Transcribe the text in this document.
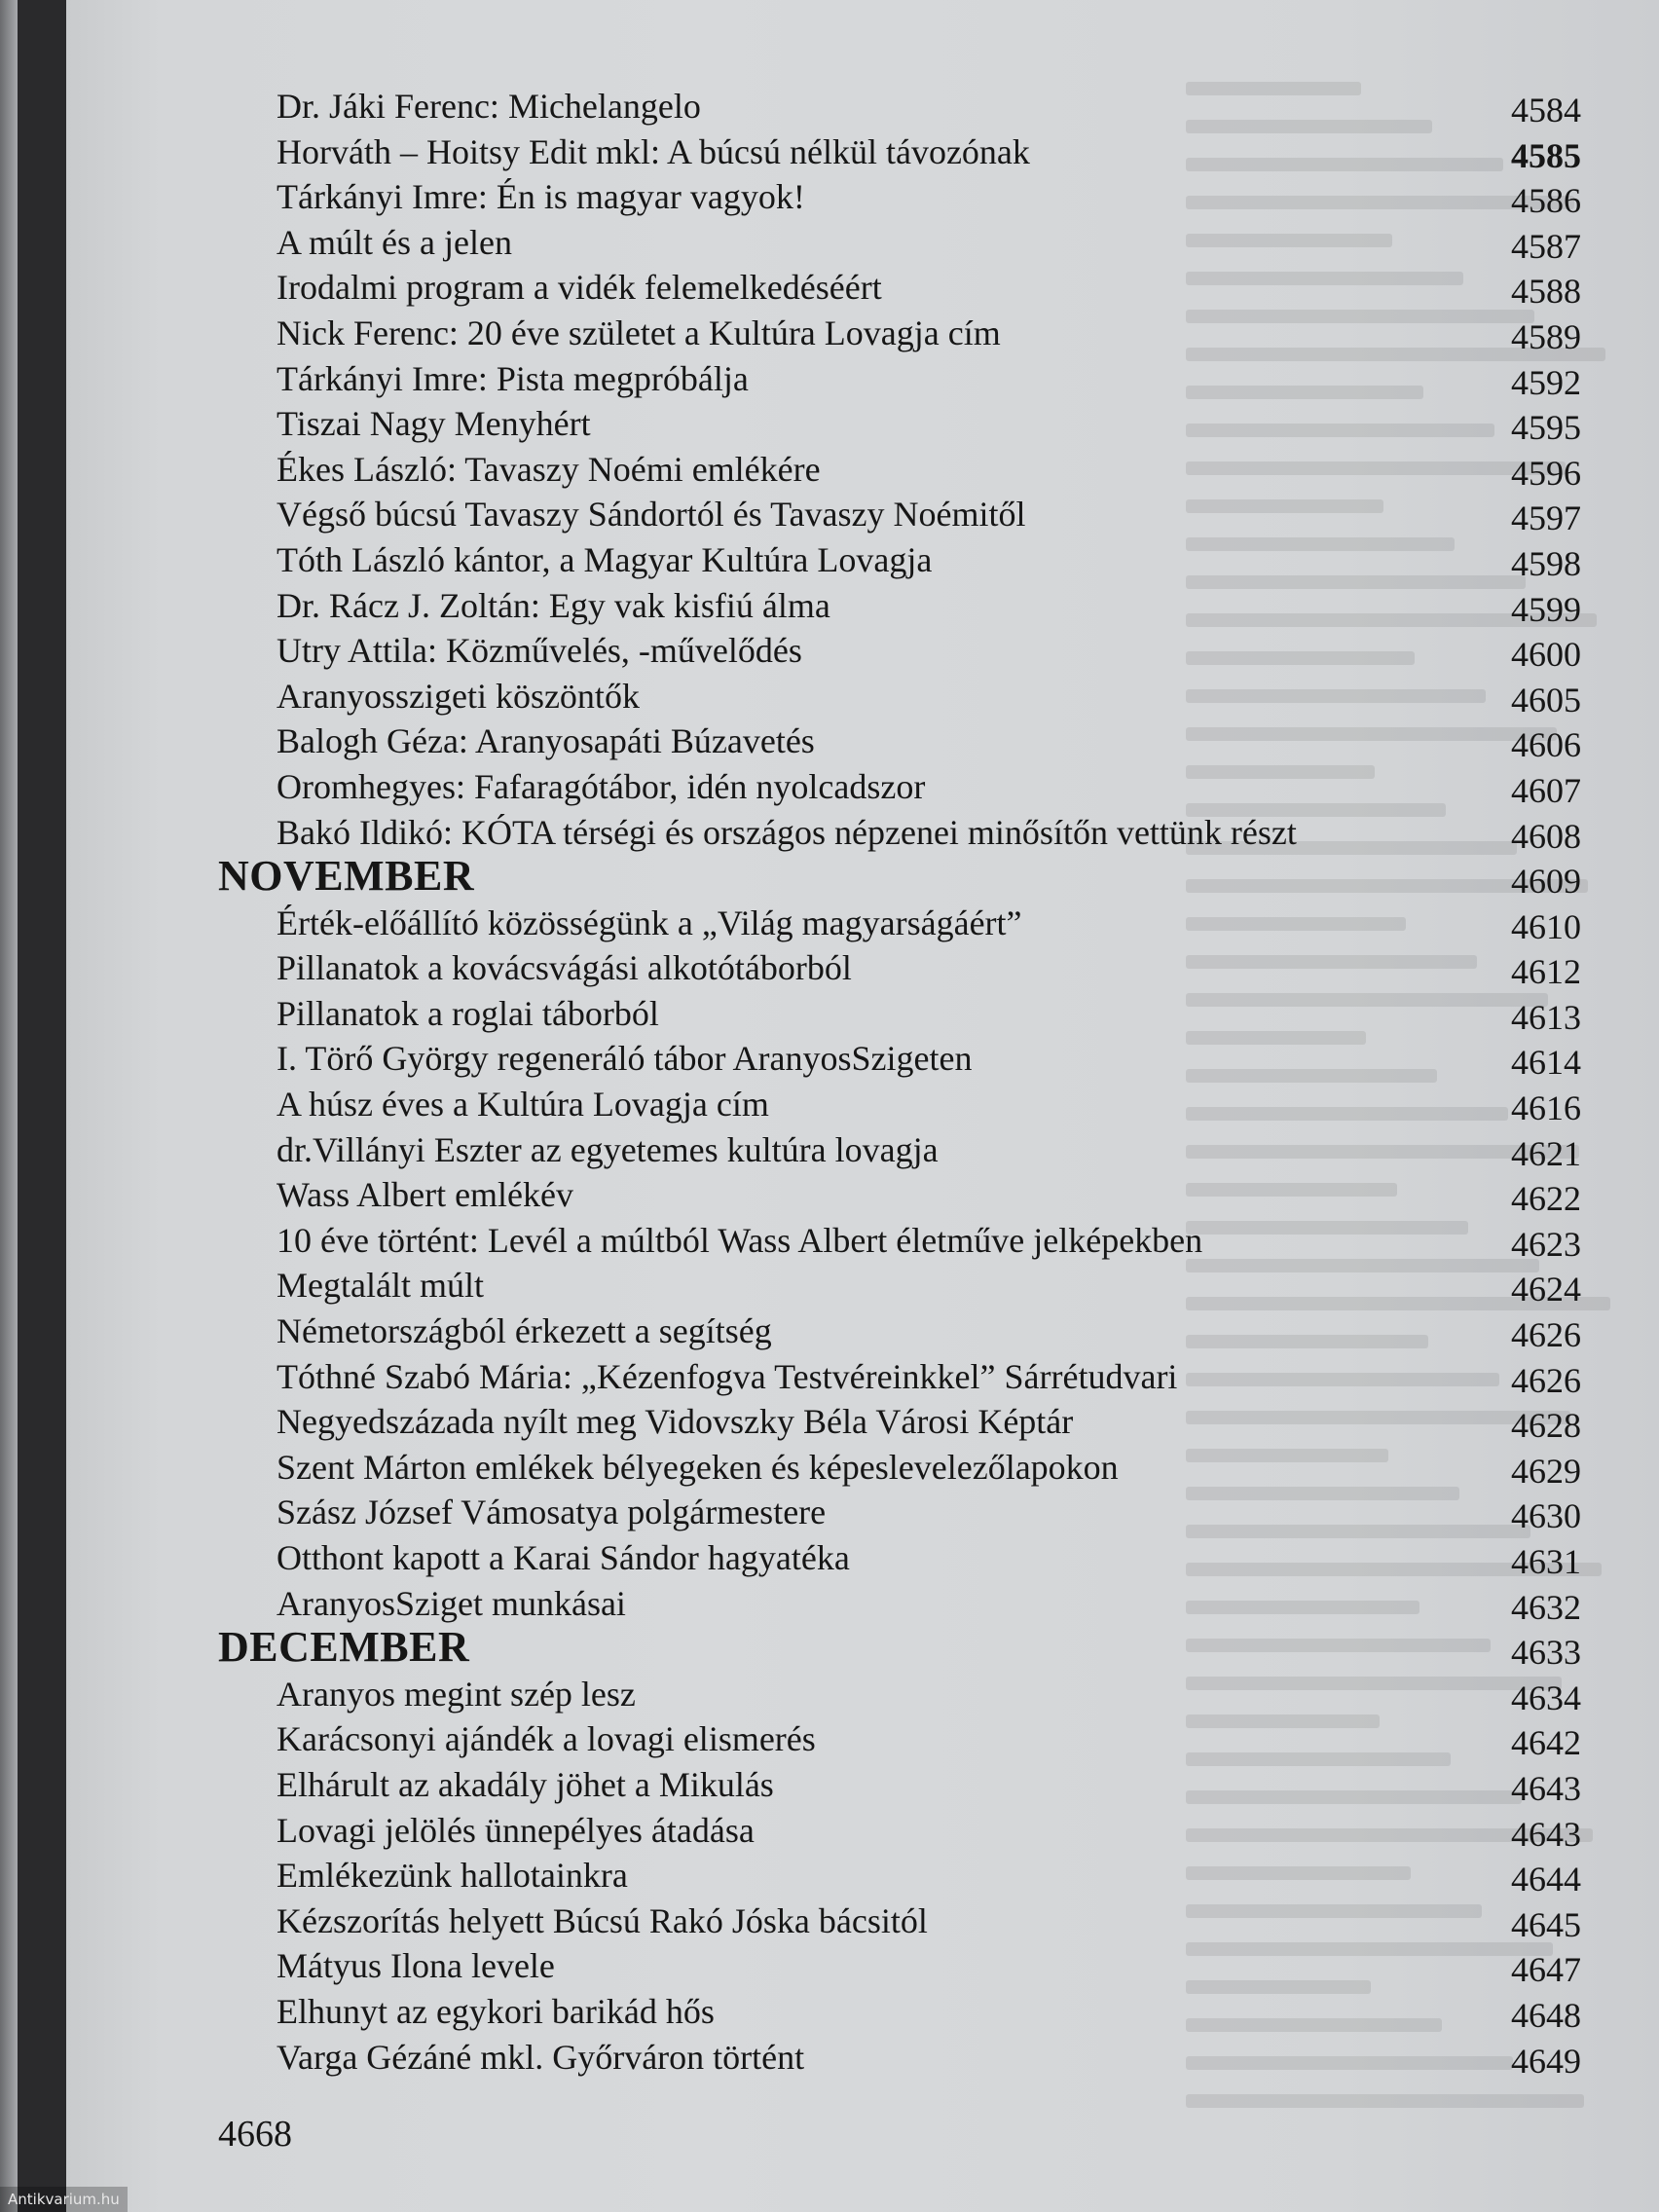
Dr. Jáki Ferenc: Michelangelo	4584
Horváth – Hoitsy Edit mkl: A búcsú nélkül távozónak	4585
Tárkányi Imre: Én is magyar vagyok!	4586
A múlt és a jelen	4587
Irodalmi program a vidék felemelkedéséért	4588
Nick Ferenc: 20 éve születet a Kultúra Lovagja cím	4589
Tárkányi Imre: Pista megpróbálja	4592
Tiszai Nagy Menyhért	4595
Ékes László: Tavaszy Noémi emlékére	4596
Végső búcsú Tavaszy Sándortól és Tavaszy Noémitől	4597
Tóth László kántor, a Magyar Kultúra Lovagja	4598
Dr. Rácz J. Zoltán: Egy vak kisfiú álma	4599
Utry Attila: Közművelés, -művelődés	4600
Aranyosszigeti köszöntők	4605
Balogh Géza: Aranyosapáti Búzavetés	4606
Oromhegyes: Fafaragótábor, idén nyolcadszor	4607
Bakó Ildikó: KÓTA térségi és országos népzenei minősítőn vettünk részt	4608
NOVEMBER	4609
Érték-előállító közösségünk a „Világ magyarságáért”	4610
Pillanatok a kovácsvágási alkotótáborból	4612
Pillanatok a roglai táborból	4613
I. Törő György regeneráló tábor AranyosSzigeten	4614
A húsz éves a Kultúra Lovagja cím	4616
dr.Villányi Eszter az egyetemes kultúra lovagja	4621
Wass Albert emlékév	4622
10 éve történt: Levél a múltból Wass Albert életműve jelképekben	4623
Megtalált múlt	4624
Németországból érkezett a segítség	4626
Tóthné Szabó Mária: „Kézenfogva Testvéreinkkel” Sárrétudvari	4626
Negyedszázada nyílt meg Vidovszky Béla Városi Képtár	4628
Szent Márton emlékek bélyegeken és képeslevelezőlapokon	4629
Szász József Vámosatya polgármestere	4630
Otthont kapott a Karai Sándor hagyatéka	4631
AranyosSziget munkásai	4632
DECEMBER	4633
Aranyos megint szép lesz	4634
Karácsonyi ajándék a lovagi elismerés	4642
Elhárult az akadály jöhet a Mikulás	4643
Lovagi jelölés ünnepélyes átadása	4643
Emlékezünk hallotainkra	4644
Kézszorítás helyett Búcsú Rakó Jóska bácsitól	4645
Mátyus Ilona levele	4647
Elhunyt az egykori barikád hős	4648
Varga Gézáné mkl. Győrváron történt	4649
4668
Antikvarium.hu
